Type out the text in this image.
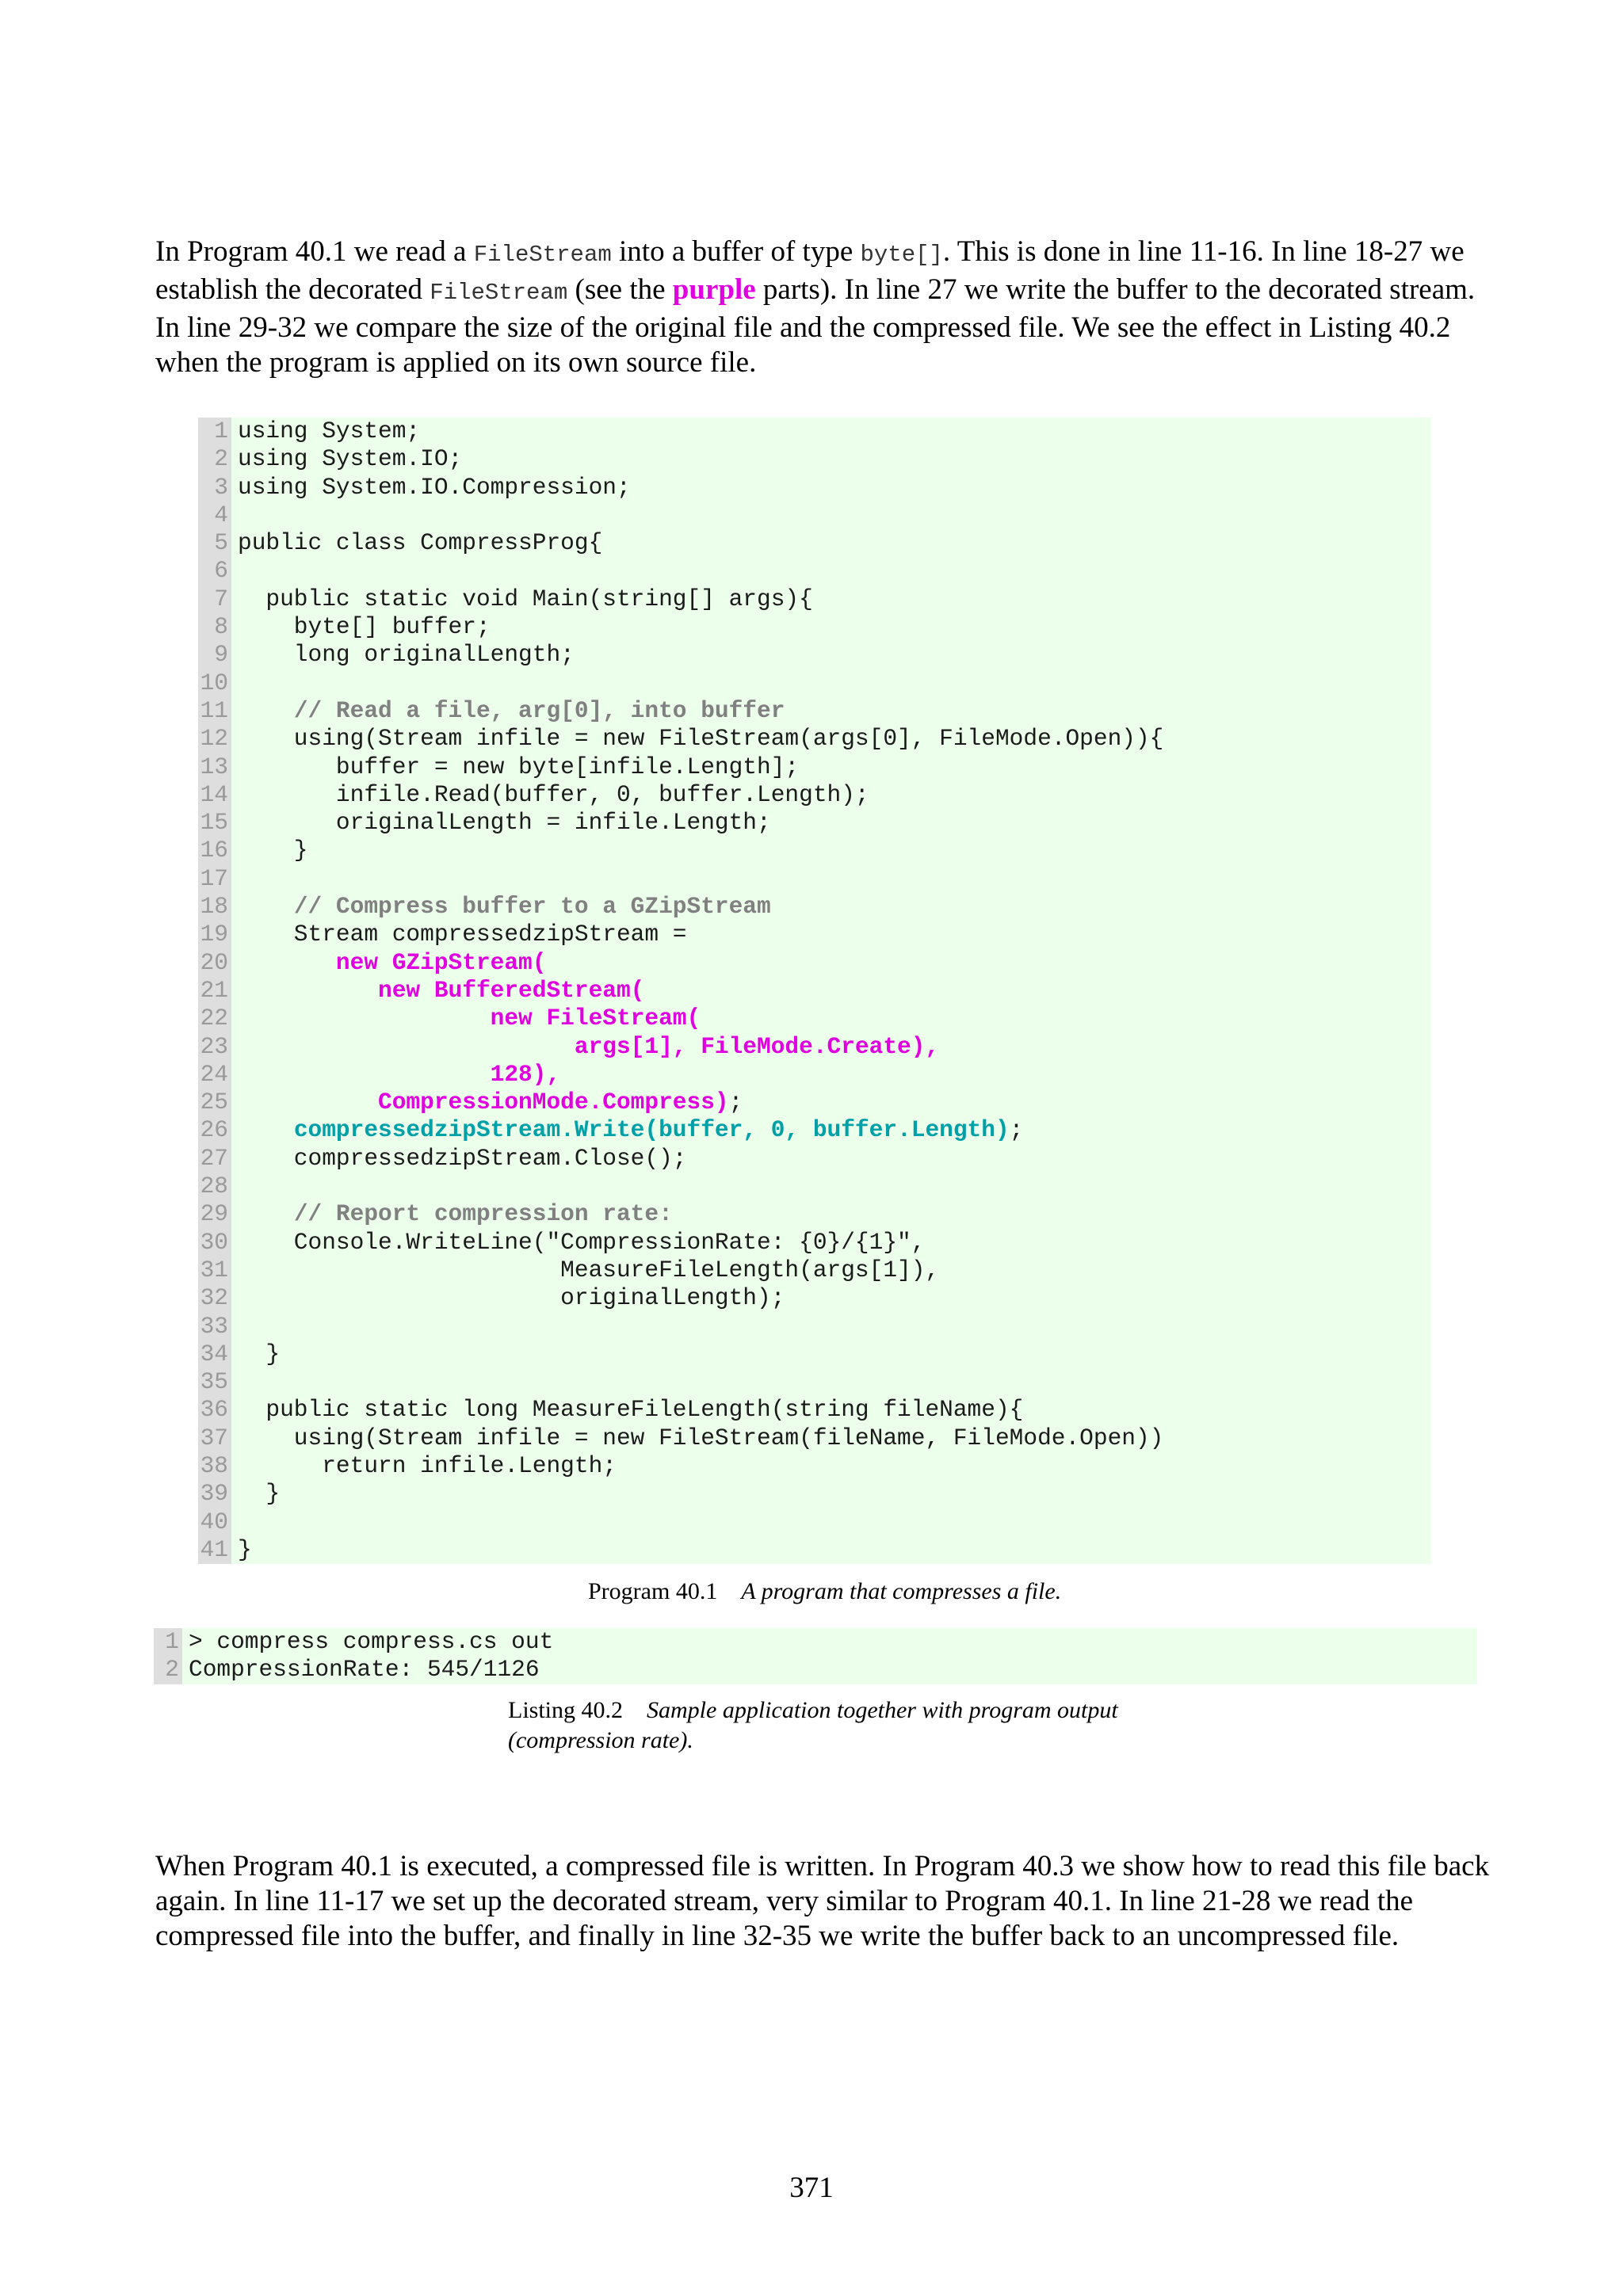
In Program 40.1 we read a FileStream into a buffer of type byte[]. This is done in line 11-16. In line 18-27 we establish the decorated FileStream (see the purple parts). In line 27 we write the buffer to the decorated stream. In line 29-32 we compare the size of the original file and the compressed file. We see the effect in Listing 40.2 when the program is applied on its own source file.

1 using System;
2 using System.IO;
3 using System.IO.Compression;
4
5 public class CompressProg{
6
7 public static void Main(string[] args){
8 byte[] buffer;
9 long originalLength;
10
11	// Read a file, arg[0], into buffer
12 using(Stream infile = new FileStream(args[0], FileMode.Open)){
13 buffer = new byte[infile.Length];
14 infile.Read(buffer, 0, buffer.Length);
15 originalLength = infile.Length;
16 }
17
18	// Compress buffer to a GZipStream
19 Stream compressedzipStream =
20	new GZipStream(
21	new BufferedStream(
22	new FileStream(
23	args[1], FileMode.Create),
24	128),
25	CompressionMode.Compress);
26	compressedzipStream.Write(buffer, 0, buffer.Length);
27 compressedzipStream.Close();
28
29	// Report compression rate:
30 Console.WriteLine("CompressionRate: {0}/{1}",
31 MeasureFileLength(args[1]),
32 originalLength);
33
34 }
35
36 public static long MeasureFileLength(string fileName){
37 using(Stream infile = new FileStream(fileName, FileMode.Open))
38 return infile.Length;
39 }
40
41 }
Program 40.1 A program that compresses a file.
1 > compress compress.cs out
2 CompressionRate: 545/1126
Listing 40.2 Sample application together with program output
(compression rate).

When Program 40.1 is executed, a compressed file is written. In Program 40.3 we show how to read this file back again. In line 11-17 we set up the decorated stream, very similar to Program 40.1. In line 21-28 we read the compressed file into the buffer, and finally in line 32-35 we write the buffer back to an uncompressed file.

371
